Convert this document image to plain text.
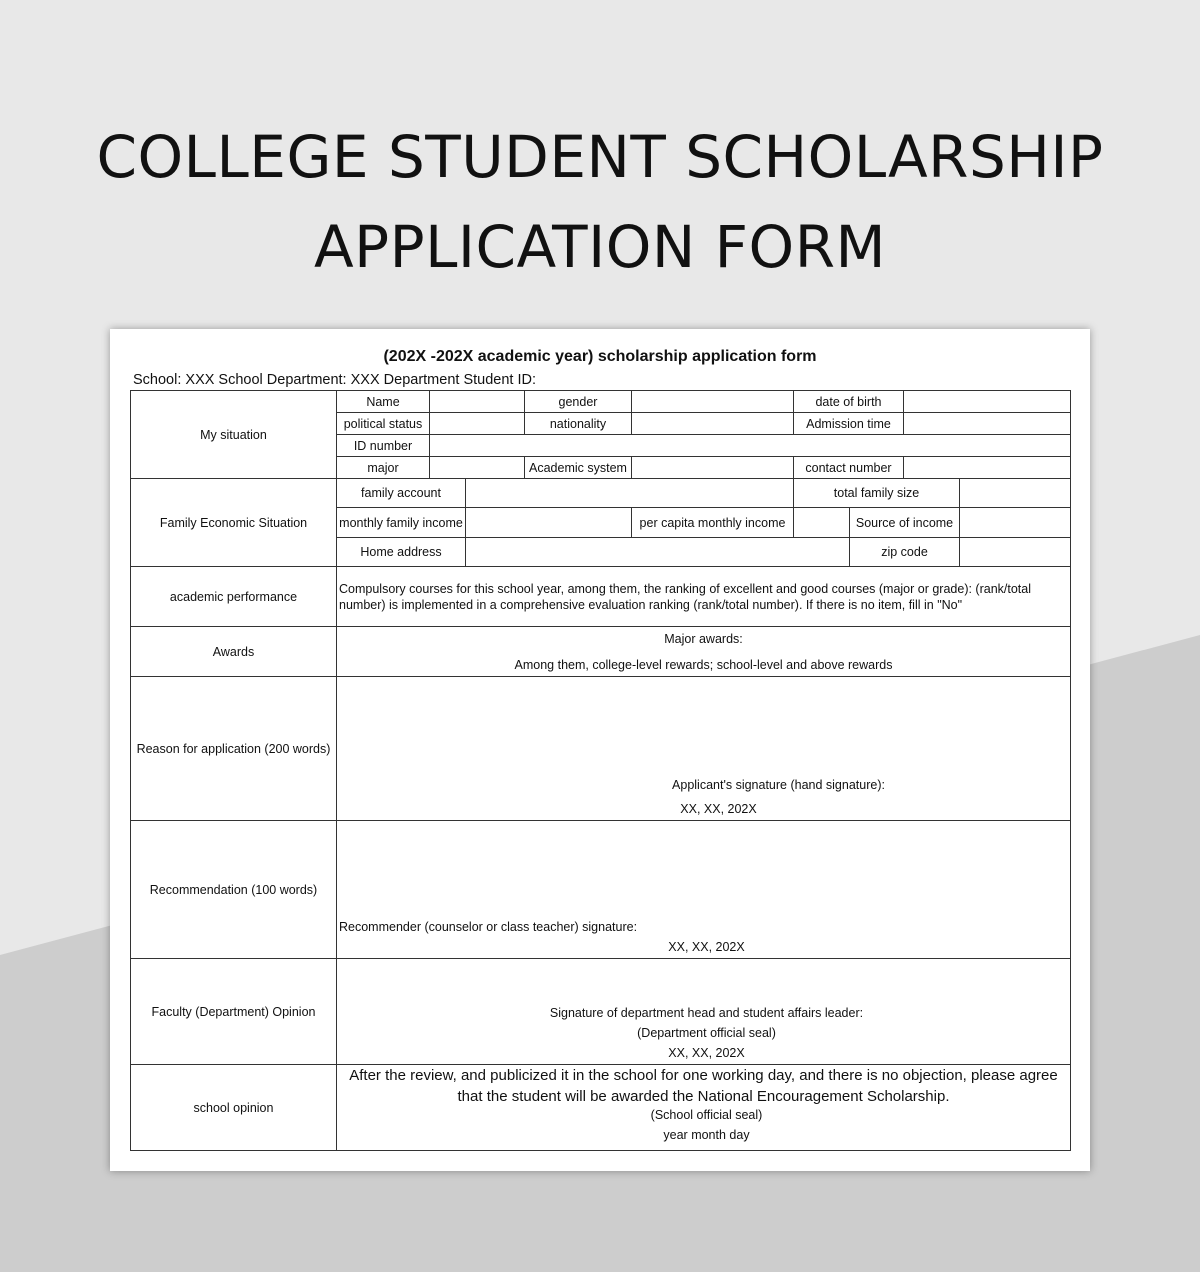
COLLEGE STUDENT SCHOLARSHIP
APPLICATION FORM
(202X -202X academic year) scholarship application form
School: XXX School Department: XXX Department Student ID:
My situation	Name			gender		date of birth			
	political status			nationality		Admission time			
	ID number								
	major			Academic system		contact number			
Family Economic Situation	family account					total family size			
	monthly family income				per capita monthly income		Source of income		
	Home address						zip code		
academic performance	Compulsory courses for this school year, among them, the ranking of excellent and good courses (major or grade): (rank/total number) is implemented in a comprehensive evaluation ranking (rank/total number). If there is no item, fill in "No"								
Awards	Major awards:
Among them, college-level rewards; school-level and above rewards								

Reason for application (200 words)	Applicant's signature (hand signature):
XX, XX, 202X								

Recommendation (100 words)	Recommender (counselor or class teacher) signature:
XX, XX, 202X								

Faculty (Department) Opinion	Signature of department head and student affairs leader:
(Department official seal)
XX, XX, 202X								

school opinion	After the review, and publicized it in the school for one working day, and there is no objection, please agree that the student will be awarded the National Encouragement Scholarship.
(School official seal)
year month day								
